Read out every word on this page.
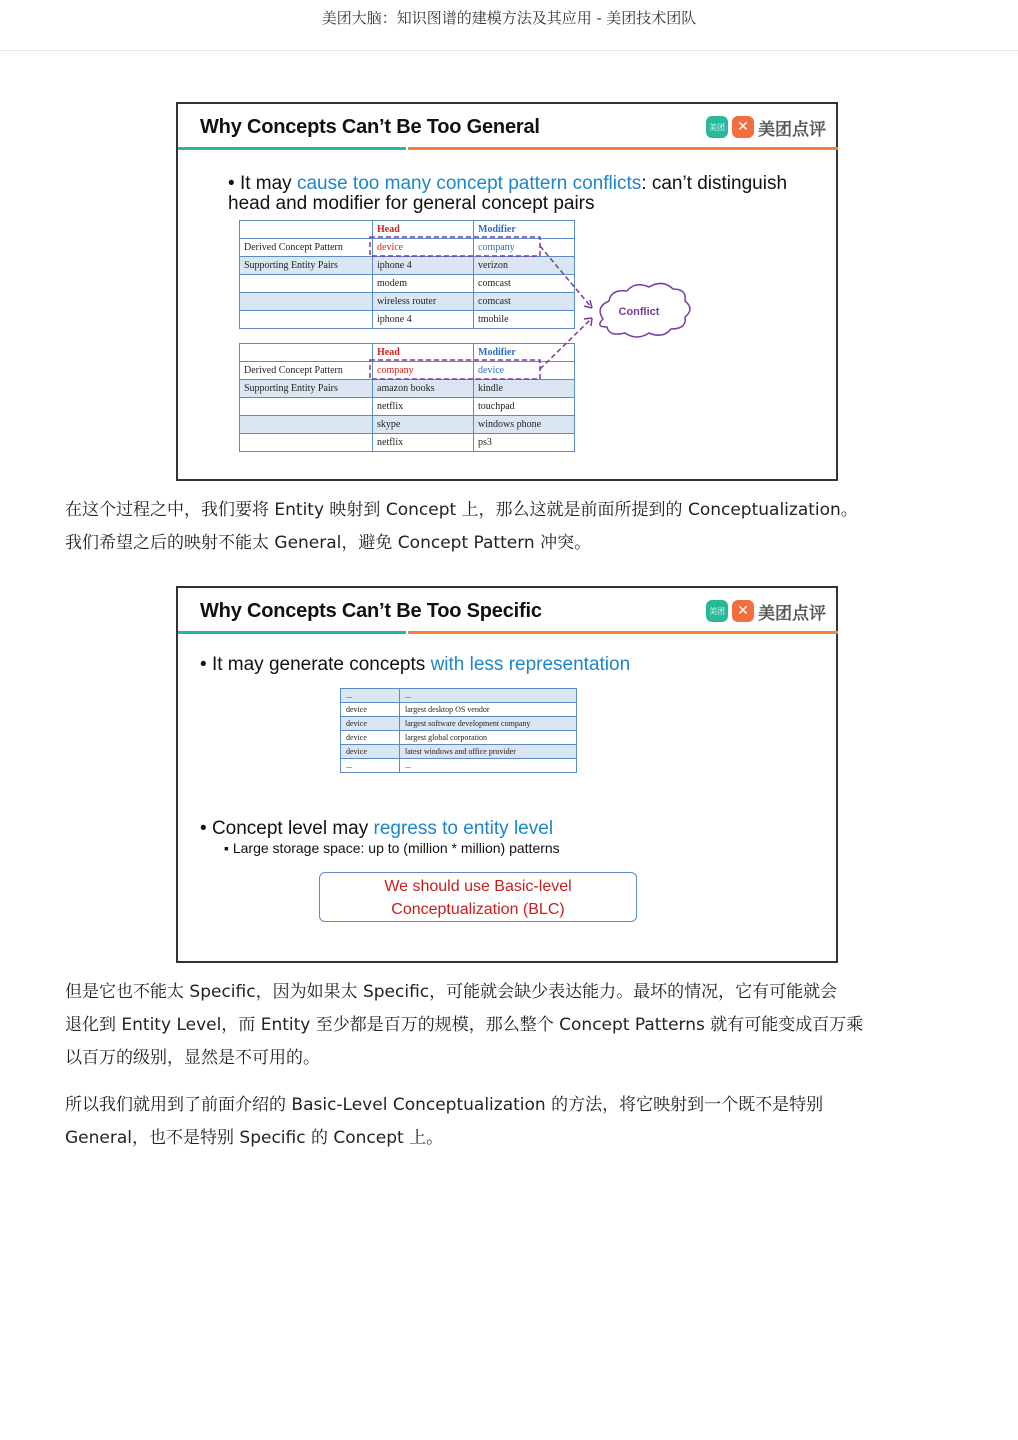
美团大脑：知识图谱的建模方法及其应用 - 美团技术团队
Why Concepts Can’t Be Too General	美团 ✕ 美团点评
• It may cause too many concept pattern conflicts: can’t distinguish head and modifier for general concept pairs
	Head	Modifier
Derived Concept Pattern	device	company
Supporting Entity Pairs	iphone 4	verizon
	modem	comcast
	wireless router	comcast
	iphone 4	tmobile
	Head	Modifier
Derived Concept Pattern	company	device
Supporting Entity Pairs	amazon books	kindle
	netflix	touchpad
	skype	windows phone
	netflix	ps3
Conflict
在这个过程之中，我们要将 Entity 映射到 Concept 上，那么这就是前面所提到的 Conceptualization。
我们希望之后的映射不能太 General，避免 Concept Pattern 冲突。
Why Concepts Can’t Be Too Specific	美团 ✕ 美团点评
• It may generate concepts with less representation
...	...
device	largest desktop OS vendor
device	largest software development company
device	largest global corporation
device	latest windows and office provider
...	...
• Concept level may regress to entity level
▪ Large storage space: up to (million * million) patterns
We should use Basic-level
Conceptualization (BLC)
但是它也不能太 Specific，因为如果太 Specific，可能就会缺少表达能力。最坏的情况，它有可能就会
退化到 Entity Level，而 Entity 至少都是百万的规模，那么整个 Concept Patterns 就有可能变成百万乘
以百万的级别，显然是不可用的。
所以我们就用到了前面介绍的 Basic-Level Conceptualization 的方法，将它映射到一个既不是特别
General，也不是特别 Specific 的 Concept 上。
